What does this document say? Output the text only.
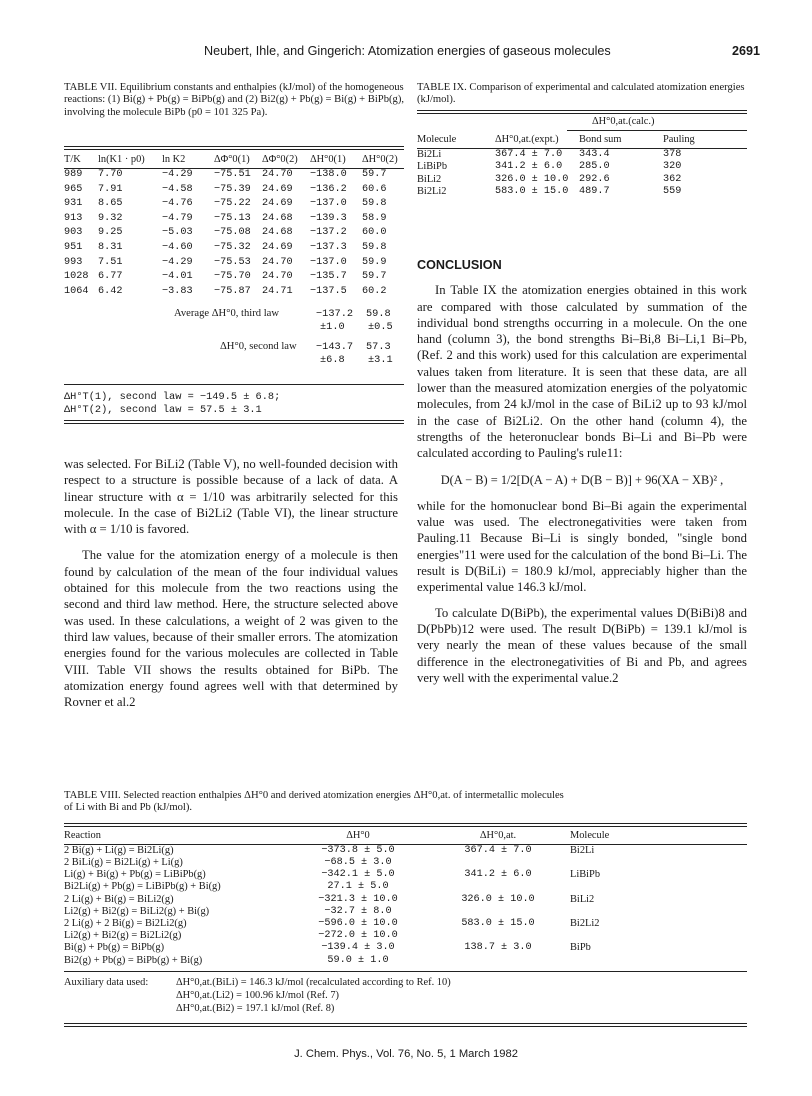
Neubert, Ihle, and Gingerich: Atomization energies of gaseous molecules	2691
TABLE VII. Equilibrium constants and enthalpies (kJ/mol) of the homogeneous reactions: (1) Bi(g) + Pb(g) = BiPb(g) and (2) Bi2(g) + Pb(g) = Bi(g) + BiPb(g), involving the molecule BiPb (p0 = 101 325 Pa).
T/K	ln(K1 · p0)	ln K2	ΔΦ°0(1)	ΔΦ°0(2)	ΔH°0(1)	ΔH°0(2)
989	7.70	−4.29	−75.51	24.70	−138.0	59.7
965	7.91	−4.58	−75.39	24.69	−136.2	60.6
931	8.65	−4.76	−75.22	24.69	−137.0	59.8
913	9.32	−4.79	−75.13	24.68	−139.3	58.9
903	9.25	−5.03	−75.08	24.68	−137.2	60.0
951	8.31	−4.60	−75.32	24.69	−137.3	59.8
993	7.51	−4.29	−75.53	24.70	−137.0	59.9
1028	6.77	−4.01	−75.70	24.70	−135.7	59.7
1064	6.42	−3.83	−75.87	24.71	−137.5	60.2
Average ΔH°0, third law	−137.2 59.8
±1.0 ±0.5
ΔH°0, second law −143.7 57.3
±6.8 ±3.1
ΔH°T(1), second law = −149.5 ± 6.8;
ΔH°T(2), second law = 57.5 ± 3.1
TABLE IX. Comparison of experimental and calculated atomization energies (kJ/mol).
ΔH°0,at.(calc.)
Molecule	ΔH°0,at.(expt.)	Bond sum	Pauling
Bi2Li	367.4 ± 7.0	343.4	378
LiBiPb	341.2 ± 6.0	285.0	320
BiLi2	326.0 ± 10.0	292.6	362
Bi2Li2	583.0 ± 15.0	489.7	559

was selected. For BiLi2 (Table V), no well-founded decision with respect to a structure is possible because of a lack of data. A linear structure with α = 1/10 was arbitrarily selected for this molecule. In the case of Bi2Li2 (Table VI), the linear structure with α = 1/10 is favored.

The value for the atomization energy of a molecule is then found by calculation of the mean of the four individual values obtained for this molecule from the two reactions using the second and third law method. Here, the structure selected above was used. In these calculations, a weight of 2 was given to the third law values, because of their smaller errors. The atomization energies found for the various molecules are collected in Table VIII. Table VII shows the results obtained for BiPb. The atomization energy found agrees well with that determined by Rovner et al.2

CONCLUSION

In Table IX the atomization energies obtained in this work are compared with those calculated by summation of the individual bond strengths occurring in a molecule. On the one hand (column 3), the bond strengths Bi–Bi,8 Bi–Li,1 Bi–Pb, (Ref. 2 and this work) used for this calculation are experimental values taken from literature. It is seen that these data, are all lower than the measured atomization energies of the polyatomic molecules, from 24 kJ/mol in the case of BiLi2 up to 93 kJ/mol in the case of Bi2Li2. On the other hand (column 4), the strengths of the heteronuclear bonds Bi–Li and Bi–Pb were calculated according to Pauling's rule11:

D(A − B) = 1/2[D(A − A) + D(B − B)] + 96(XA − XB)² ,

while for the homonuclear bond Bi–Bi again the experimental value was used. The electronegativities were taken from Pauling.11 Because Bi–Li is singly bonded, "single bond energies"11 were used for the calculation of the bond Bi–Li. The result is D(BiLi) = 180.9 kJ/mol, appreciably higher than the experimental value 146.3 kJ/mol.

To calculate D(BiPb), the experimental values D(BiBi)8 and D(PbPb)12 were used. The result D(BiPb) = 139.1 kJ/mol is very nearly the mean of these values because of the small difference in the electronegativities of Bi and Pb, and agrees very well with the experimental value.2

TABLE VIII. Selected reaction enthalpies ΔH°0 and derived atomization energies ΔH°0,at. of intermetallic molecules of Li with Bi and Pb (kJ/mol).
Reaction	ΔH°0	ΔH°0,at.	Molecule
2 Bi(g) + Li(g) = Bi2Li(g)	−373.8 ± 5.0	367.4 ± 7.0	Bi2Li
2 BiLi(g) = Bi2Li(g) + Li(g)	−68.5 ± 3.0		
Li(g) + Bi(g) + Pb(g) = LiBiPb(g)	−342.1 ± 5.0	341.2 ± 6.0	LiBiPb
Bi2Li(g) + Pb(g) = LiBiPb(g) + Bi(g)	27.1 ± 5.0		
2 Li(g) + Bi(g) = BiLi2(g)	−321.3 ± 10.0	326.0 ± 10.0	BiLi2
Li2(g) + Bi2(g) = BiLi2(g) + Bi(g)	−32.7 ± 8.0		
2 Li(g) + 2 Bi(g) = Bi2Li2(g)	−596.0 ± 10.0	583.0 ± 15.0	Bi2Li2
Li2(g) + Bi2(g) = Bi2Li2(g)	−272.0 ± 10.0		
Bi(g) + Pb(g) = BiPb(g)	−139.4 ± 3.0	138.7 ± 3.0	BiPb
Bi2(g) + Pb(g) = BiPb(g) + Bi(g)	59.0 ± 1.0		
Auxiliary data used:	ΔH°0,at.(BiLi) = 146.3 kJ/mol (recalculated according to Ref. 10)
ΔH°0,at.(Li2) = 100.96 kJ/mol (Ref. 7)
ΔH°0,at.(Bi2) = 197.1 kJ/mol (Ref. 8)
J. Chem. Phys., Vol. 76, No. 5, 1 March 1982
